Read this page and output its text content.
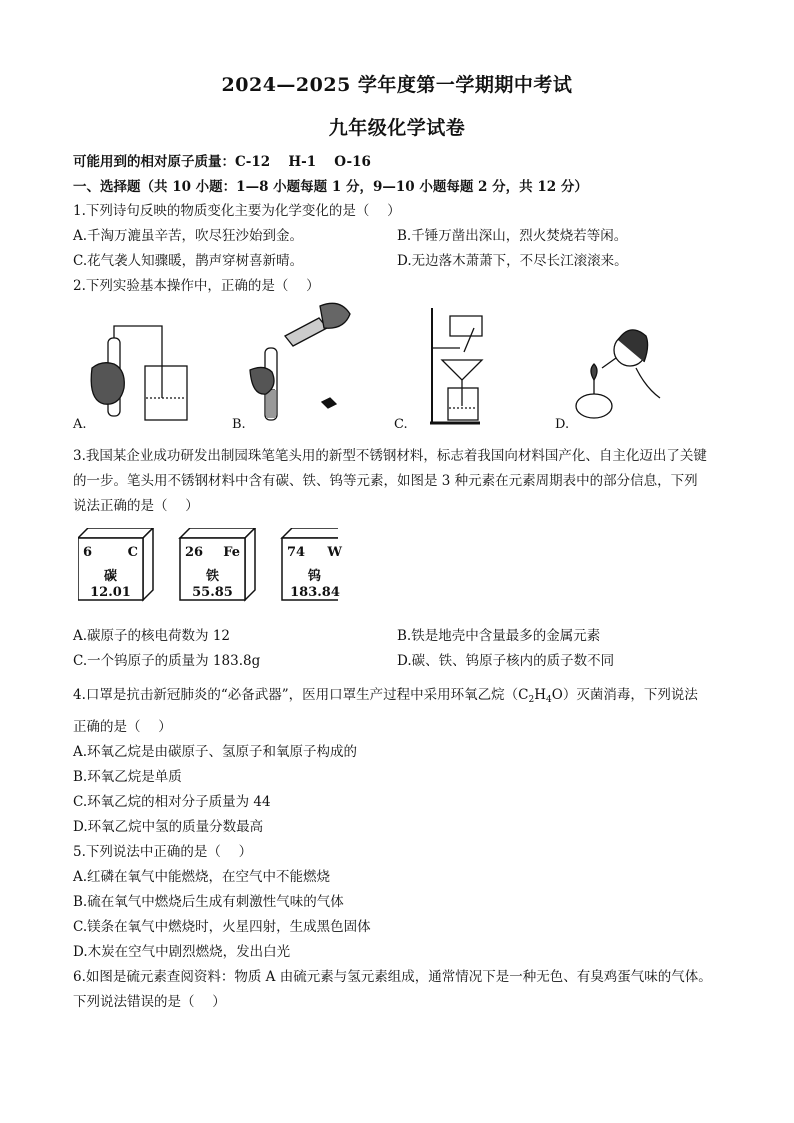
2024—2025 学年度第一学期期中考试
九年级化学试卷
可能用到的相对原子质量：C-12　 H-1　 O-16
一、选择题（共 10 小题：1—8 小题每题 1 分，9—10 小题每题 2 分，共 12 分）
1.下列诗句反映的物质变化主要为化学变化的是（　 ）
A.千淘万漉虽辛苦，吹尽狂沙始到金。	B.千锤万凿出深山，烈火焚烧若等闲。
C.花气袭人知骤暖，鹊声穿树喜新晴。	D.无边落木萧萧下，不尽长江滚滚来。
2.下列实验基本操作中，正确的是（　 ）
A.	B.	C.	D.
3.我国某企业成功研发出制园珠笔笔头用的新型不锈钢材料，标志着我国向材料国产化、自主化迈出了关键
的一步。笔头用不锈钢材料中含有碳、铁、钨等元素，如图是 3 种元素在元素周期表中的部分信息，下列
说法正确的是（　 ）
6	C
碳
12.01
26	Fe
铁
55.85
74	W
钨
183.84
A.碳原子的核电荷数为 12	B.铁是地壳中含量最多的金属元素
C.一个钨原子的质量为 183.8g	D.碳、铁、钨原子核内的质子数不同
4.口罩是抗击新冠肺炎的“必备武器”，医用口罩生产过程中采用环氧乙烷$(C_2H_4O)$灭菌消毒，下列说法
正确的是（　 ）
A.环氧乙烷是由碳原子、氢原子和氧原子构成的
B.环氧乙烷是单质
C.环氧乙烷的相对分子质量为 44
D.环氧乙烷中氢的质量分数最高
5.下列说法中正确的是（　 ）
A.红磷在氧气中能燃烧，在空气中不能燃烧
B.硫在氧气中燃烧后生成有刺激性气味的气体
C.镁条在氧气中燃烧时，火星四射，生成黑色固体
D.木炭在空气中剧烈燃烧，发出白光
6.如图是硫元素查阅资料：物质 A 由硫元素与氢元素组成，通常情况下是一种无色、有臭鸡蛋气味的气体。
下列说法错误的是（　 ）
